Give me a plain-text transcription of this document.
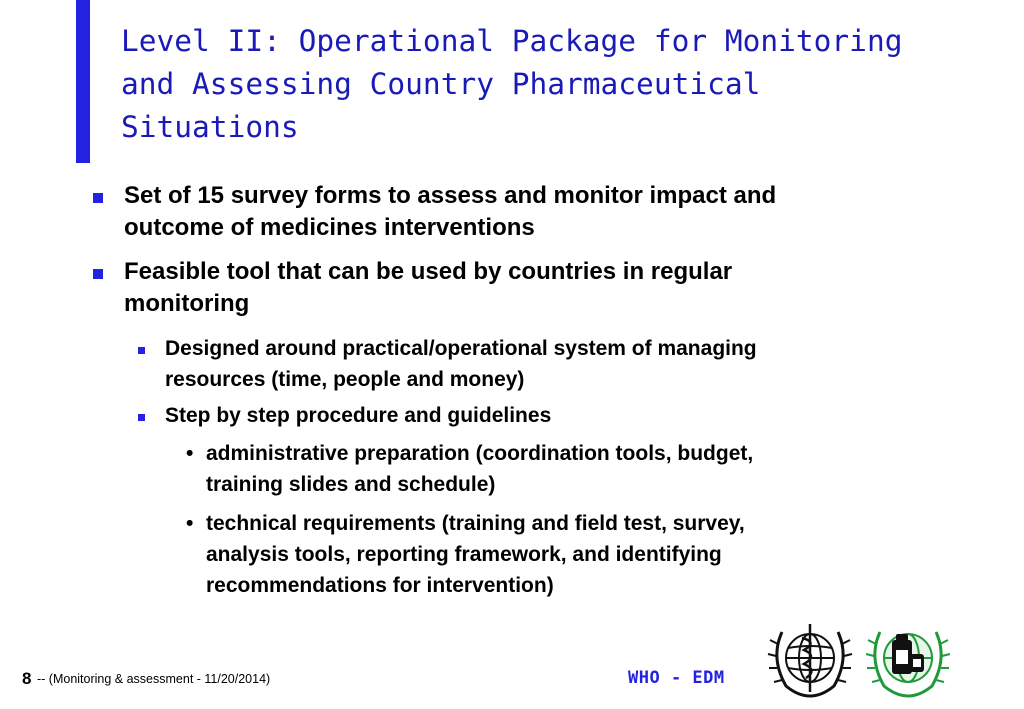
Level II: Operational Package for Monitoring
and Assessing Country Pharmaceutical
Situations
Set of 15 survey forms to assess and monitor impact and
outcome of medicines interventions
Feasible tool that can be used by countries in regular
monitoring
Designed around practical/operational system of managing
resources (time, people and money)
Step by step procedure and guidelines
• administrative preparation (coordination tools, budget,
training slides and schedule)
• technical requirements (training and field test, survey,
analysis tools, reporting framework, and identifying
recommendations for intervention)
8 -- (Monitoring & assessment - 11/20/2014)	WHO - EDM
